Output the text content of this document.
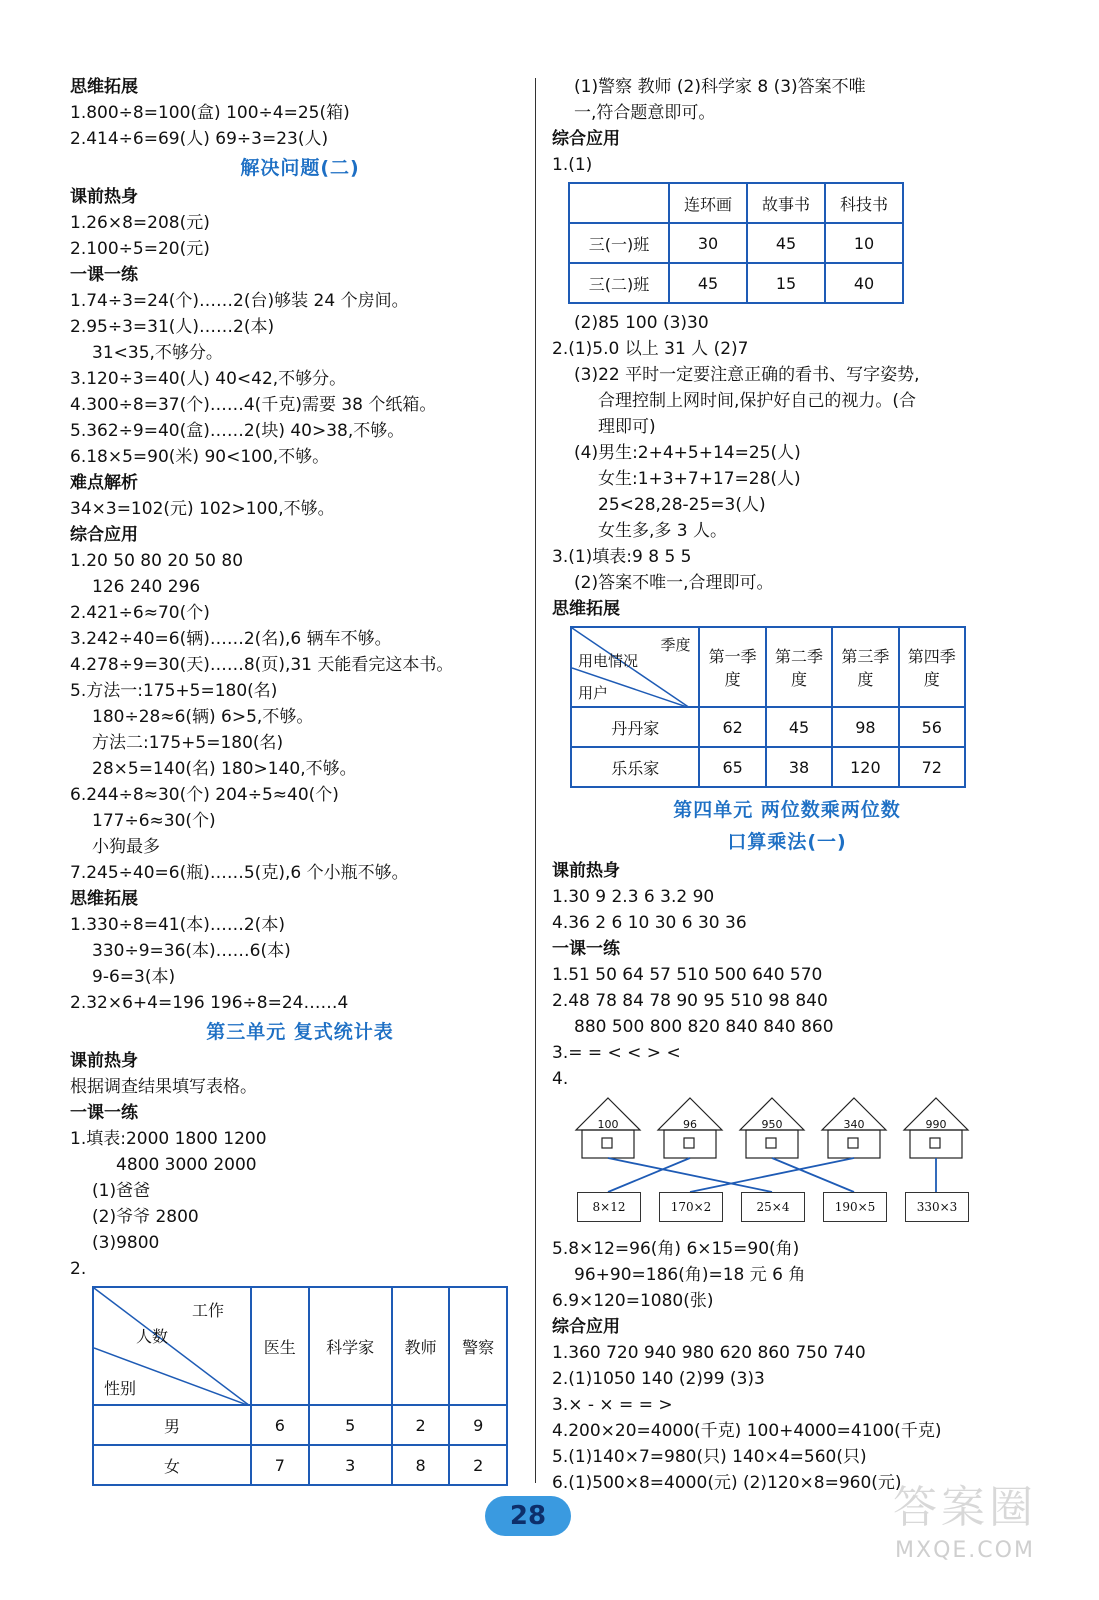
思维拓展
1.800÷8=100(盒) 100÷4=25(箱)
2.414÷6=69(人) 69÷3=23(人)
解决问题(二)
课前热身
1.26×8=208(元)
2.100÷5=20(元)
一课一练
1.74÷3=24(个)……2(台)够装 24 个房间。
2.95÷3=31(人)……2(本)
31<35,不够分。
3.120÷3=40(人) 40<42,不够分。
4.300÷8=37(个)……4(千克)需要 38 个纸箱。
5.362÷9=40(盒)……2(块) 40>38,不够。
6.18×5=90(米) 90<100,不够。
难点解析
34×3=102(元) 102>100,不够。
综合应用
1.20 50 80 20 50 80
126 240 296
2.421÷6≈70(个)
3.242÷40=6(辆)……2(名),6 辆车不够。
4.278÷9=30(天)……8(页),31 天能看完这本书。
5.方法一:175+5=180(名)
180÷28≈6(辆) 6>5,不够。
方法二:175+5=180(名)
28×5=140(名) 180>140,不够。
6.244÷8≈30(个) 204÷5≈40(个)
177÷6≈30(个)
小狗最多
7.245÷40=6(瓶)……5(克),6 个小瓶不够。
思维拓展
1.330÷8=41(本)……2(本)
330÷9=36(本)……6(本)
9-6=3(本)
2.32×6+4=196 196÷8=24……4
第三单元 复式统计表
课前热身
根据调查结果填写表格。
一课一练
1.填表:2000 1800 1200
4800 3000 2000
(1)爸爸
(2)爷爷 2800
(3)9800
2.
工作
人数
性别	医生	科学家	教师	警察
男	6	5	2	9
女	7	3	8	2
(1)警察 教师 (2)科学家 8 (3)答案不唯
一,符合题意即可。
综合应用
1.(1)
	连环画	故事书	科技书
三(一)班	30	45	10
三(二)班	45	15	40
(2)85 100 (3)30
2.(1)5.0 以上 31 人 (2)7
(3)22 平时一定要注意正确的看书、写字姿势,
合理控制上网时间,保护好自己的视力。(合
理即可)
(4)男生:2+4+5+14=25(人)
女生:1+3+7+17=28(人)
25<28,28-25=3(人)
女生多,多 3 人。
3.(1)填表:9 8 5 5
(2)答案不唯一,合理即可。
思维拓展
季度
用电情况
用户	第一季度	第二季度	第三季度	第四季度
丹丹家	62	45	98	56
乐乐家	65	38	120	72
第四单元 两位数乘两位数
口算乘法(一)
课前热身
1.30 9 2.3 6 3.2 90
4.36 2 6 10 30 6 30 36
一课一练
1.51 50 64 57 510 500 640 570
2.48 78 84 78 90 95 510 98 840
880 500 800 820 840 840 860
3.= = < < > <
4.
100	96	950	340	990
8×12	170×2	25×4	190×5	330×3
5.8×12=96(角) 6×15=90(角)
96+90=186(角)=18 元 6 角
6.9×120=1080(张)
综合应用
1.360 720 940 980 620 860 750 740
2.(1)1050 140 (2)99 (3)3
3.× - × = = >
4.200×20=4000(千克) 100+4000=4100(千克)
5.(1)140×7=980(只) 140×4=560(只)
6.(1)500×8=4000(元) (2)120×8=960(元)
28	答案圈
MXQE.COM
